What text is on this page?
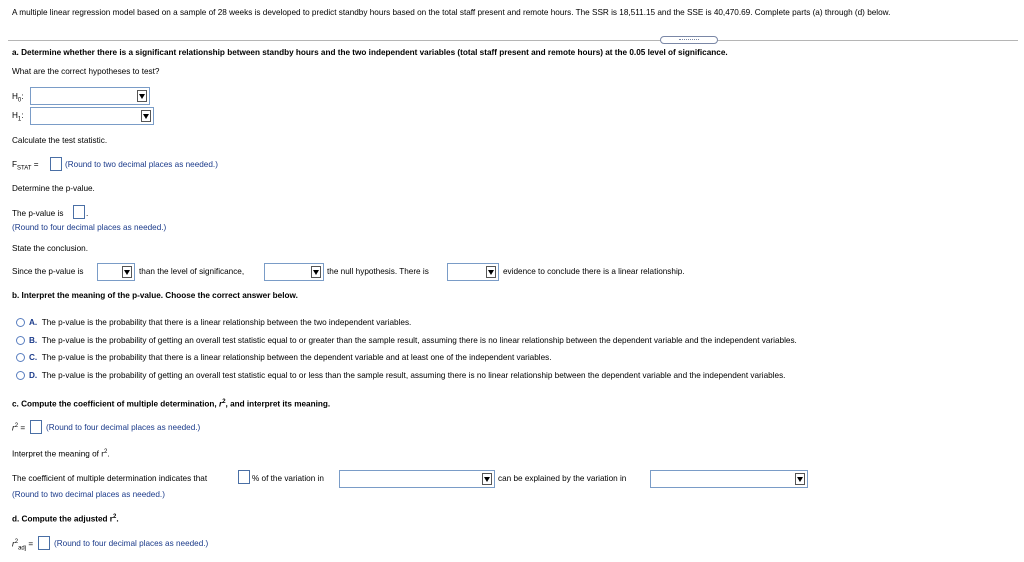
A multiple linear regression model based on a sample of 28 weeks is developed to predict standby hours based on the total staff present and remote hours. The SSR is 18,511.15 and the SSE is 40,470.69. Complete parts (a) through (d) below.
a. Determine whether there is a significant relationship between standby hours and the two independent variables (total staff present and remote hours) at the 0.05 level of significance.
What are the correct hypotheses to test?
$H_0$:
$H_1$:
Calculate the test statistic.
$F_{STAT}$ =	(Round to two decimal places as needed.)
Determine the p-value.
The p-value is	.
(Round to four decimal places as needed.)
State the conclusion.
Since the p-value is	than the level of significance,	the null hypothesis. There is	evidence to conclude there is a linear relationship.
b. Interpret the meaning of the p-value. Choose the correct answer below.
A. The p-value is the probability that there is a linear relationship between the two independent variables.
B. The p-value is the probability of getting an overall test statistic equal to or greater than the sample result, assuming there is no linear relationship between the dependent variable and the independent variables.
C. The p-value is the probability that there is a linear relationship between the dependent variable and at least one of the independent variables.
D. The p-value is the probability of getting an overall test statistic equal to or less than the sample result, assuming there is no linear relationship between the dependent variable and the independent variables.
c. Compute the coefficient of multiple determination, $r^2$, and interpret its meaning.
$r^2$ =	(Round to four decimal places as needed.)
Interpret the meaning of $r^2$.
The coefficient of multiple determination indicates that	% of the variation in	can be explained by the variation in
(Round to two decimal places as needed.)
d. Compute the adjusted $r^2$.
$r^2_{adj}$ =	(Round to four decimal places as needed.)
